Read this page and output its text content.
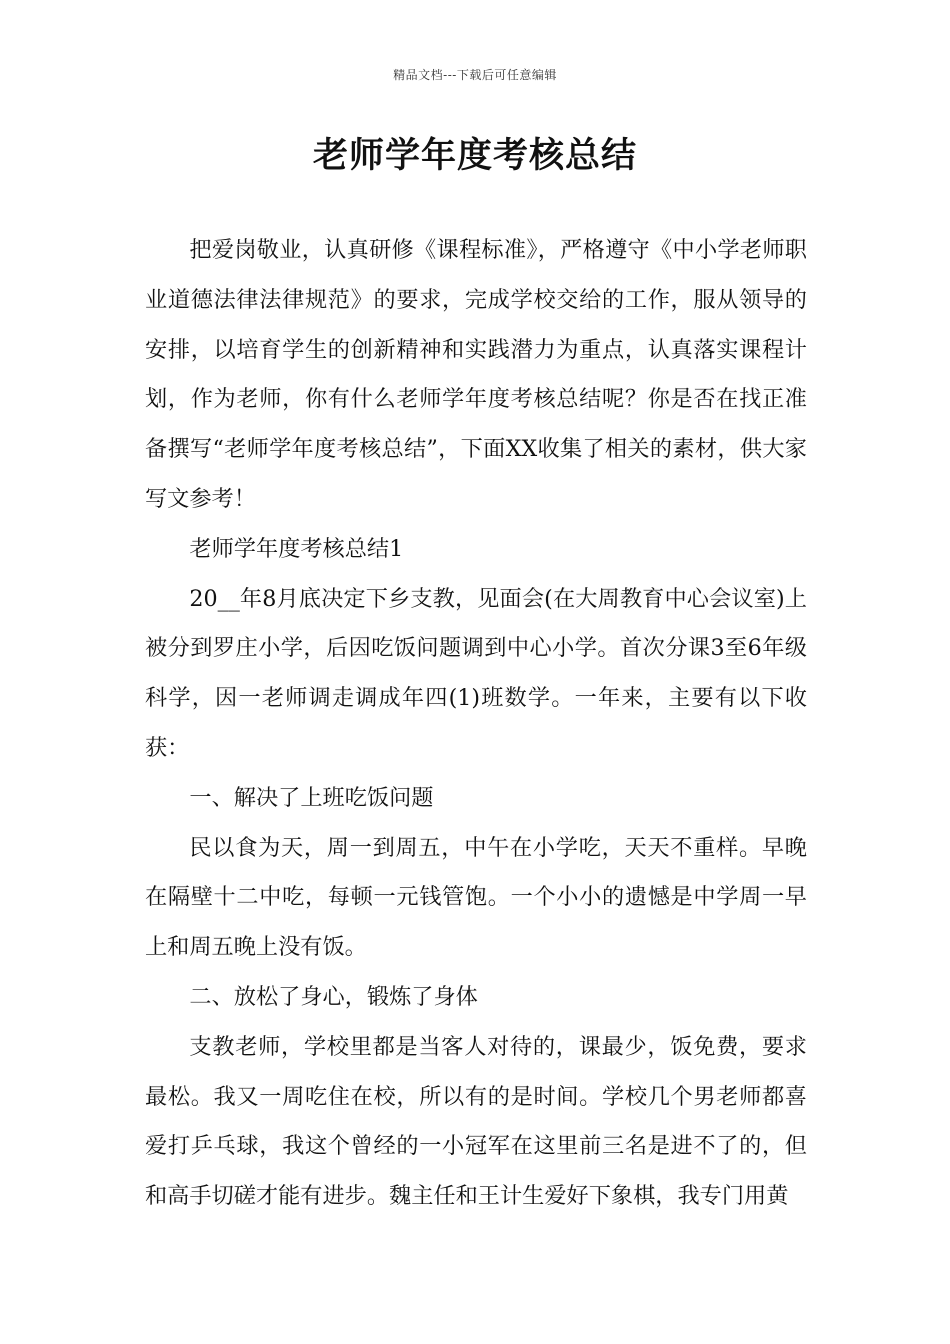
精品文档---下载后可任意编辑
老师学年度考核总结

把爱岗敬业，认真研修《课程标准》，严格遵守《中小学老师职业道德法律法律规范》的要求，完成学校交给的工作，服从领导的安排，以培育学生的创新精神和实践潜力为重点，认真落实课程计划，作为老师，你有什么老师学年度考核总结呢？你是否在找正准备撰写“老师学年度考核总结”，下面XX收集了相关的素材，供大家写文参考！

老师学年度考核总结1

20__年8月底决定下乡支教，见面会(在大周教育中心会议室)上被分到罗庄小学，后因吃饭问题调到中心小学。首次分课3至6年级科学，因一老师调走调成年四(1)班数学。一年来，主要有以下收获：

一、解决了上班吃饭问题

民以食为天，周一到周五，中午在小学吃，天天不重样。早晚在隔壁十二中吃，每顿一元钱管饱。一个小小的遗憾是中学周一早上和周五晚上没有饭。

二、放松了身心，锻炼了身体

支教老师，学校里都是当客人对待的，课最少，饭免费，要求最松。我又一周吃住在校，所以有的是时间。学校几个男老师都喜爱打乒乓球，我这个曾经的一小冠军在这里前三名是进不了的，但和高手切磋才能有进步。魏主任和王计生爱好下象棋，我专门用黄
